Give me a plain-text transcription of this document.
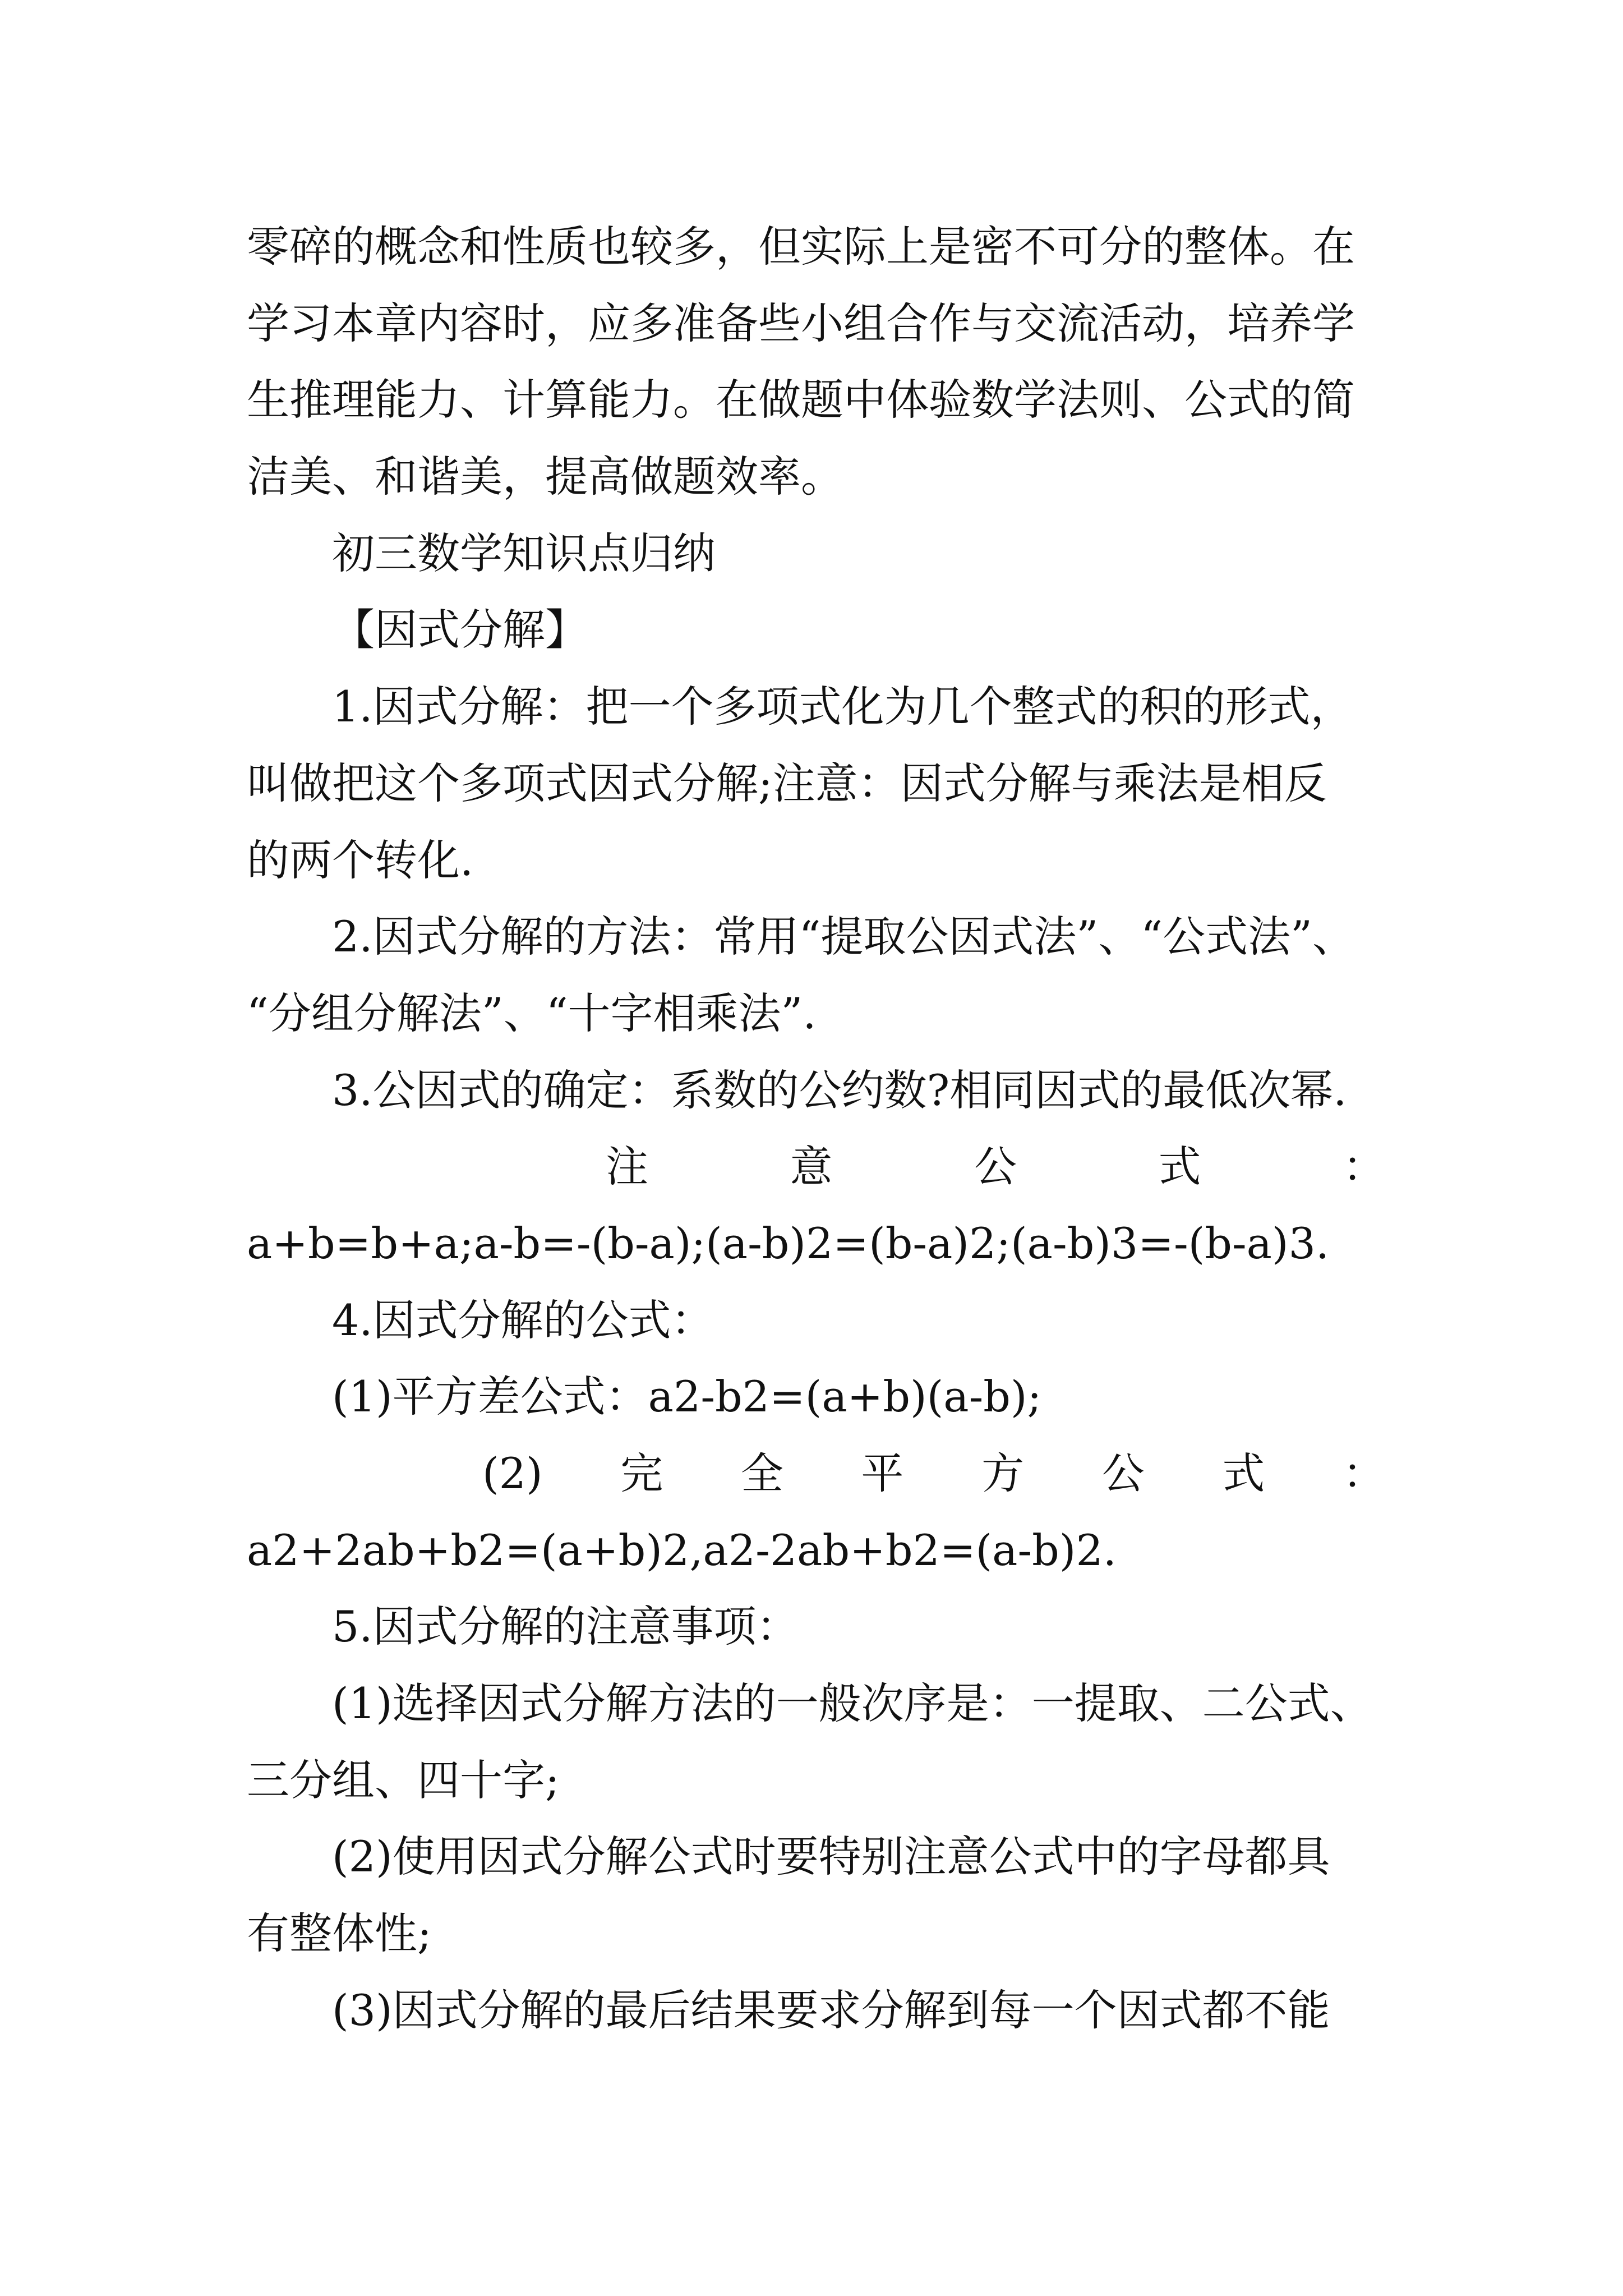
零碎的概念和性质也较多，但实际上是密不可分的整体。在
学习本章内容时，应多准备些小组合作与交流活动，培养学
生推理能力、计算能力。在做题中体验数学法则、公式的简
洁美、和谐美，提高做题效率。
初三数学知识点归纳
【因式分解】
1.因式分解：把一个多项式化为几个整式的积的形式，
叫做把这个多项式因式分解;注意：因式分解与乘法是相反
的两个转化.
2.因式分解的方法：常用“提取公因式法”、“公式法”、
“分组分解法”、“十字相乘法”.
3.公因式的确定：系数的公约数?相同因式的最低次幂.
注	意	公	式	：
a+b=b+a;a-b=-(b-a);(a-b)2=(b-a)2;(a-b)3=-(b-a)3.
4.因式分解的公式：
(1)平方差公式：a2-b2=(a+b)(a-b);
(2) 完 全 平 方 公 式 ：
a2+2ab+b2=(a+b)2,a2-2ab+b2=(a-b)2.
5.因式分解的注意事项：
(1)选择因式分解方法的一般次序是：一提取、二公式、
三分组、四十字;
(2)使用因式分解公式时要特别注意公式中的字母都具
有整体性;
(3)因式分解的最后结果要求分解到每一个因式都不能
